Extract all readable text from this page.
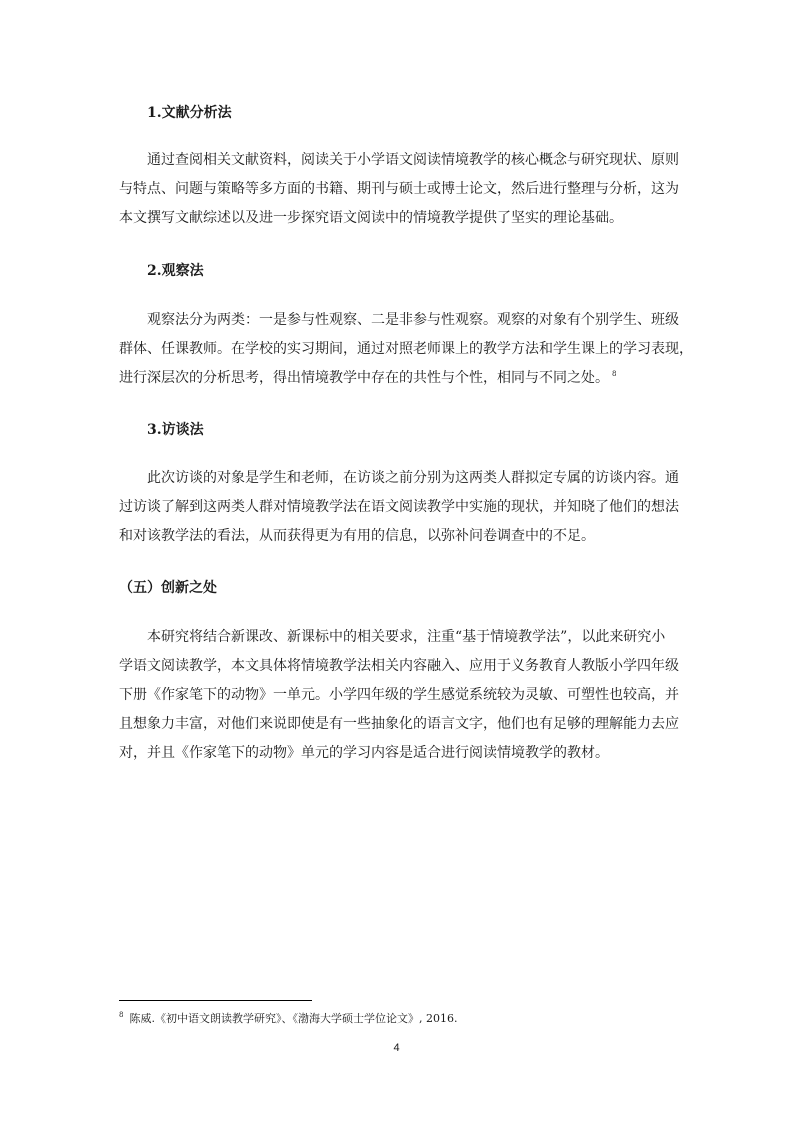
1.文献分析法

通过查阅相关文献资料，阅读关于小学语文阅读情境教学的核心概念与研究现状、原则
与特点、问题与策略等多方面的书籍、期刊与硕士或博士论文，然后进行整理与分析，这为
本文撰写文献综述以及进一步探究语文阅读中的情境教学提供了坚实的理论基础。

2.观察法

观察法分为两类：一是参与性观察、二是非参与性观察。观察的对象有个别学生、班级
群体、任课教师。在学校的实习期间，通过对照老师课上的教学方法和学生课上的学习表现，
进行深层次的分析思考，得出情境教学中存在的共性与个性，相同与不同之处。 $^8$

3.访谈法

此次访谈的对象是学生和老师，在访谈之前分别为这两类人群拟定专属的访谈内容。通
过访谈了解到这两类人群对情境教学法在语文阅读教学中实施的现状，并知晓了他们的想法
和对该教学法的看法，从而获得更为有用的信息，以弥补问卷调查中的不足。

（五）创新之处

本研究将结合新课改、新课标中的相关要求，注重“基于情境教学法”，以此来研究小
学语文阅读教学，本文具体将情境教学法相关内容融入、应用于义务教育人教版小学四年级
下册《作家笔下的动物》一单元。小学四年级的学生感觉系统较为灵敏、可塑性也较高，并
且想象力丰富，对他们来说即使是有一些抽象化的语言文字，他们也有足够的理解能力去应
对，并且《作家笔下的动物》单元的学习内容是适合进行阅读情境教学的教材。

$^8$ 陈威.《初中语文朗读教学研究》、《渤海大学硕士学位论文》, 2016.
4
